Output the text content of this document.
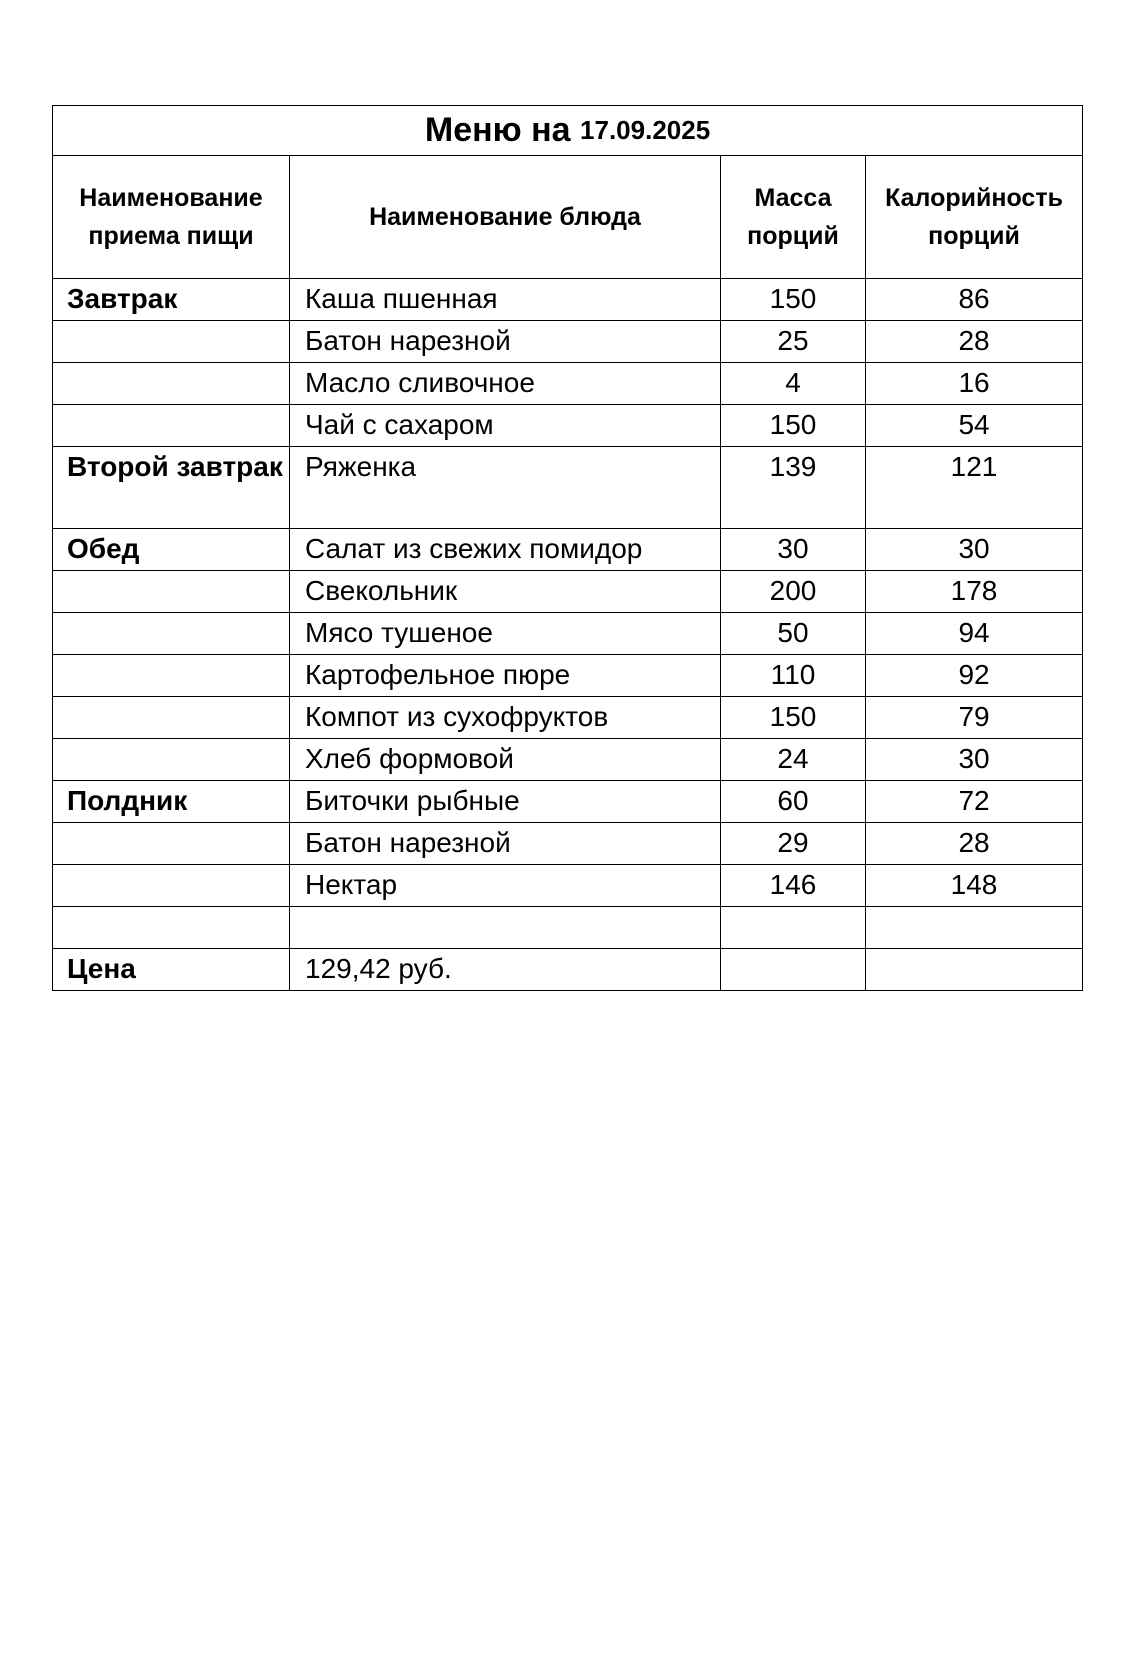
Меню на 17.09.2025			
Наименование приема пищи	Наименование блюда	Масса порций	Калорийность порций
Завтрак	Каша пшенная	150	86
	Батон нарезной	25	28
	Масло сливочное	4	16
	Чай с сахаром	150	54
Второй завтрак	Ряженка	139	121
Обед	Салат из свежих помидор	30	30
	Свекольник	200	178
	Мясо тушеное	50	94
	Картофельное пюре	110	92
	Компот из сухофруктов	150	79
	Хлеб формовой	24	30
Полдник	Биточки рыбные	60	72
	Батон нарезной	29	28
	Нектар	146	148

Цена	129,42 руб.		
